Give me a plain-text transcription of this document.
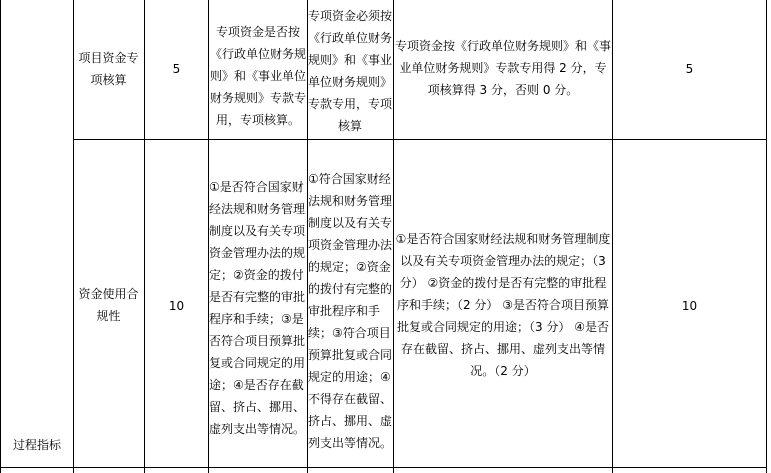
过程指标
项目资金专项核算
5
专项资金是否按《行政单位财务规则》和《事业单位财务规则》专款专用，专项核算。
专项资金必须按《行政单位财务规则》和《事业单位财务规则》专款专用，专项核算
专项资金按《行政单位财务规则》和《事业单位财务规则》专款专用得 2 分，专项核算得 3 分，否则 0 分。
5
资金使用合规性
10
①是否符合国家财经法规和财务管理制度以及有关专项资金管理办法的规定；②资金的拨付是否有完整的审批程序和手续；③是否符合项目预算批复或合同规定的用途；④是否存在截留、挤占、挪用、虚列支出等情况。
①符合国家财经法规和财务管理制度以及有关专项资金管理办法的规定；②资金的拨付有完整的审批程序和手续；③符合项目预算批复或合同规定的用途；④不得存在截留、挤占、挪用、虚列支出等情况。
①是否符合国家财经法规和财务管理制度以及有关专项资金管理办法的规定；（3 分） ②资金的拨付是否有完整的审批程序和手续；（2 分） ③是否符合项目预算批复或合同规定的用途；（3 分） ④是否存在截留、挤占、挪用、虚列支出等情况。（2 分）
10
